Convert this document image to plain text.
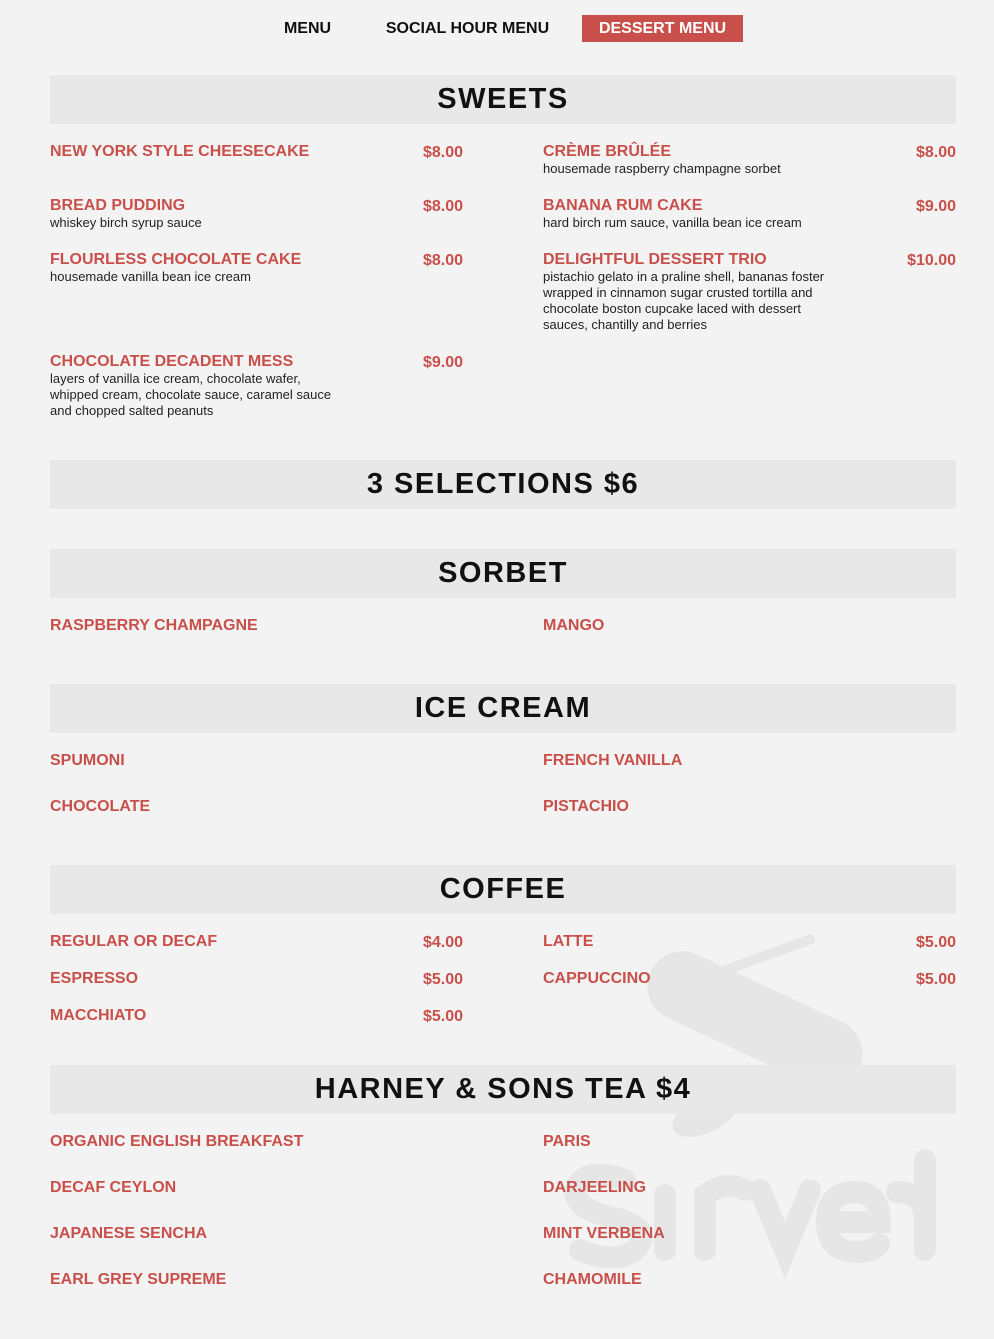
MENU	SOCIAL HOUR MENU	DESSERT MENU
SWEETS
NEW YORK STYLE CHEESECAKE	$8.00	CRÈME BRÛLÉE	$8.00
housemade raspberry champagne sorbet
BREAD PUDDING	$8.00
whiskey birch syrup sauce
BANANA RUM CAKE	$9.00
hard birch rum sauce, vanilla bean ice cream
FLOURLESS CHOCOLATE CAKE	$8.00
housemade vanilla bean ice cream
DELIGHTFUL DESSERT TRIO	$10.00
pistachio gelato in a praline shell, bananas foster wrapped in cinnamon sugar crusted tortilla and chocolate boston cupcake laced with dessert sauces, chantilly and berries
CHOCOLATE DECADENT MESS	$9.00
layers of vanilla ice cream, chocolate wafer, whipped cream, chocolate sauce, caramel sauce and chopped salted peanuts
3 SELECTIONS $6
SORBET
RASPBERRY CHAMPAGNE	MANGO
ICE CREAM
SPUMONI	FRENCH VANILLA
CHOCOLATE	PISTACHIO
COFFEE
REGULAR OR DECAF	$4.00	LATTE	$5.00
ESPRESSO	$5.00	CAPPUCCINO	$5.00
MACCHIATO	$5.00
HARNEY & SONS TEA $4
ORGANIC ENGLISH BREAKFAST	PARIS
DECAF CEYLON	DARJEELING
JAPANESE SENCHA	MINT VERBENA
EARL GREY SUPREME	CHAMOMILE
